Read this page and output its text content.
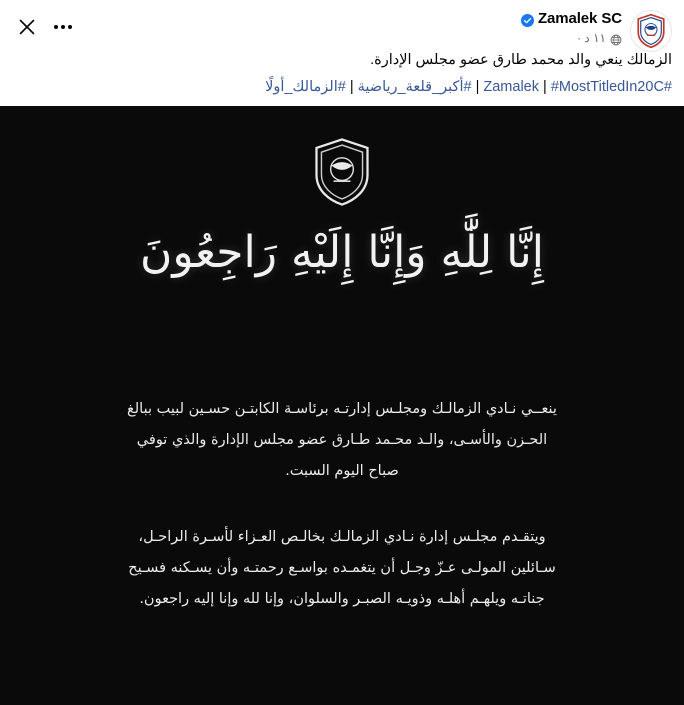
Zamalek SC
١١ د ·

الزمالك ينعي والد محمد طارق عضو مجلس الإدارة.

#Zamalek | #MostTitledIn20C | #أكبر_قلعة_رياضية | #الزمالك_أولًا

إِنَّا لِلَّٰهِ وَإِنَّا إِلَيْهِ رَاجِعُونَ

ينعــي نـادي الزمالـك ومجلـس إدارتـه برئاسـة الكابتـن حسـين لبيب ببالغ الحـزن والأسـى، والـد محـمد طـارق عضو مجلس الإدارة والذي توفي صباح اليوم السبت.

ويتقـدم مجلـس إدارة نـادي الزمالـك بخالـص العـزاء لأسـرة الراحـل، سـائلين المولـى عـزّ وجـل أن يتغمـده بواسـع رحمتـه وأن يسـكنه فسـيح جناتـه ويلهـم أهلـه وذويـه الصبـر والسلوان، وإنا لله وإنا إليه راجعون.
